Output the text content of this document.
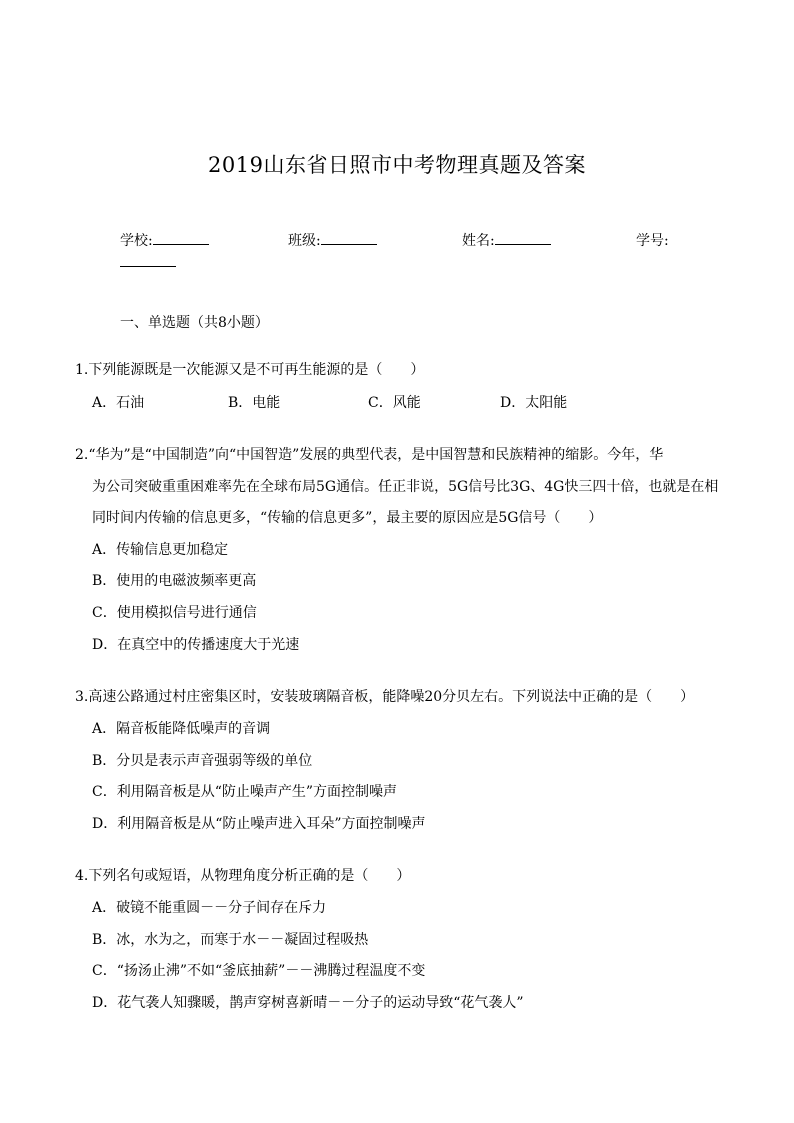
2019山东省日照市中考物理真题及答案
学校:	班级:	姓名:	学号:
一、单选题（共8小题）
1.下列能源既是一次能源又是不可再生能源的是（　　）
A．石油	B．电能	C．风能	D．太阳能
2.“华为”是“中国制造”向“中国智造”发展的典型代表，是中国智慧和民族精神的缩影。今年，华
为公司突破重重困难率先在全球布局5G通信。任正非说，5G信号比3G、4G快三四十倍，也就是在相
同时间内传输的信息更多，“传输的信息更多”，最主要的原因应是5G信号（　　）
A．传输信息更加稳定
B．使用的电磁波频率更高
C．使用模拟信号进行通信
D．在真空中的传播速度大于光速
3.高速公路通过村庄密集区时，安装玻璃隔音板，能降噪20分贝左右。下列说法中正确的是（　　）
A．隔音板能降低噪声的音调
B．分贝是表示声音强弱等级的单位
C．利用隔音板是从“防止噪声产生”方面控制噪声
D．利用隔音板是从“防止噪声进入耳朵”方面控制噪声
4.下列名句或短语，从物理角度分析正确的是（　　）
A．破镜不能重圆－－分子间存在斥力
B．冰，水为之，而寒于水－－凝固过程吸热
C．“扬汤止沸”不如“釜底抽薪”－－沸腾过程温度不变
D．花气袭人知骤暖，鹊声穿树喜新晴－－分子的运动导致“花气袭人”
